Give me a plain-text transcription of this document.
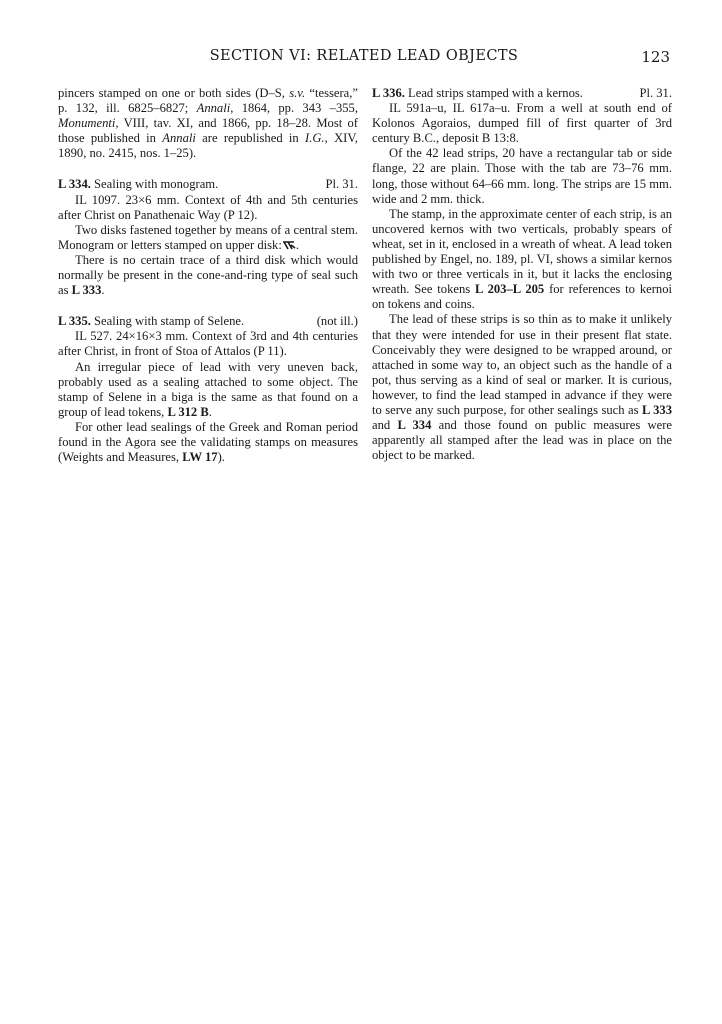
SECTION VI: RELATED LEAD OBJECTS	123

pincers stamped on one or both sides (D–S, s.v. “tessera,” p. 132, ill. 6825–6827; Annali, 1864, pp. 343 –355, Monumenti, VIII, tav. XI, and 1866, pp. 18–28. Most of those published in Annali are republished in I.G., XIV, 1890, no. 2415, nos. 1–25).

L 334. Sealing with monogram.	Pl. 31.

IL 1097. 23×6 mm. Context of 4th and 5th centuries after Christ on Panathenaic Way (P 12).

Two disks fastened together by means of a central stem. Monogram or letters stamped on upper disk: .

There is no certain trace of a third disk which would normally be present in the cone-and-ring type of seal such as L 333.

L 335. Sealing with stamp of Selene.	(not ill.)

IL 527. 24×16×3 mm. Context of 3rd and 4th centuries after Christ, in front of Stoa of Attalos (P 11).

An irregular piece of lead with very uneven back, probably used as a sealing attached to some object. The stamp of Selene in a biga is the same as that found on a group of lead tokens, L 312 B.

For other lead sealings of the Greek and Roman period found in the Agora see the validating stamps on measures (Weights and Measures, LW 17).

L 336. Lead strips stamped with a kernos.	Pl. 31.

IL 591a–u, IL 617a–u. From a well at south end of Kolonos Agoraios, dumped fill of first quarter of 3rd century B.C., deposit B 13:8.

Of the 42 lead strips, 20 have a rectangular tab or side flange, 22 are plain. Those with the tab are 73–76 mm. long, those without 64–66 mm. long. The strips are 15 mm. wide and 2 mm. thick.

The stamp, in the approximate center of each strip, is an uncovered kernos with two verticals, probably spears of wheat, set in it, enclosed in a wreath of wheat. A lead token published by Engel, no. 189, pl. VI, shows a similar kernos with two or three verticals in it, but it lacks the enclosing wreath. See tokens L 203–L 205 for references to kernoi on tokens and coins.

The lead of these strips is so thin as to make it unlikely that they were intended for use in their present flat state. Conceivably they were designed to be wrapped around, or attached in some way to, an object such as the handle of a pot, thus serving as a kind of seal or marker. It is curious, however, to find the lead stamped in advance if they were to serve any such purpose, for other sealings such as L 333 and L 334 and those found on public measures were apparently all stamped after the lead was in place on the object to be marked.
